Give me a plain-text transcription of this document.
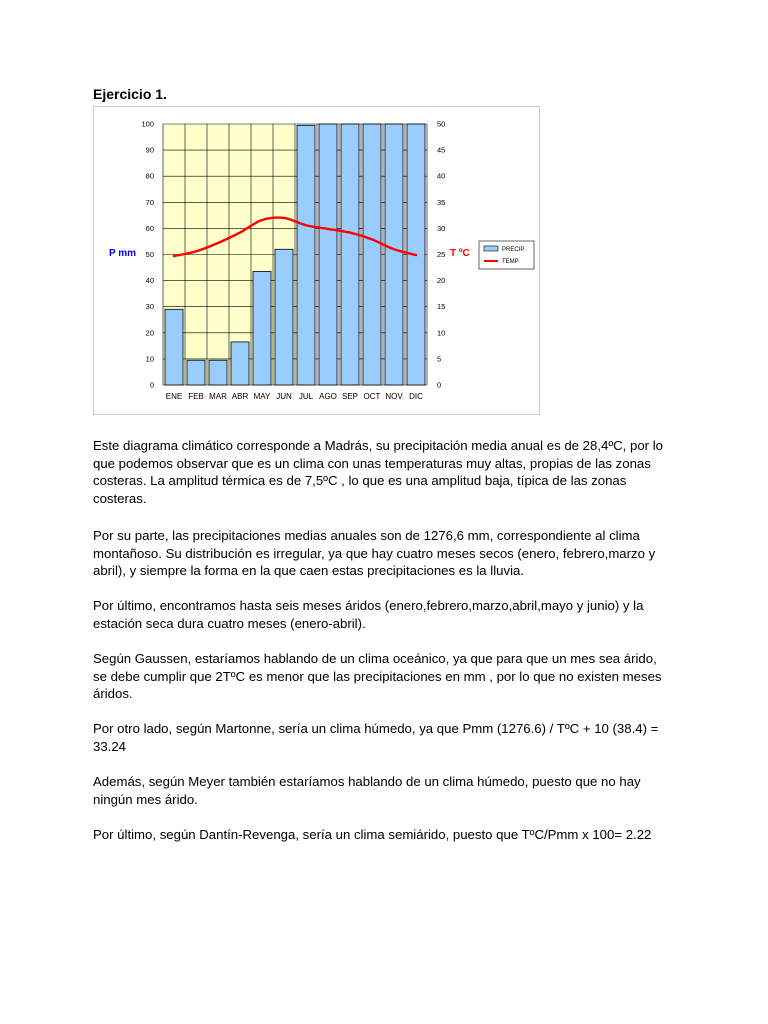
Ejercicio 1.
0
10
20
30
40
50
60
70
80
90
100
0
5
10
15
20
25
30
35
40
45
50
ENE FEB MAR ABR MAY JUN JUL AGO SEP OCT NOV DIC
P mm	T ºC	PRECIP
TEMP

Este diagrama climático corresponde a Madrás, su precipitación media anual es de 28,4ºC, por lo que podemos observar que es un clima con unas temperaturas muy altas, propias de las zonas costeras. La amplitud térmica es de 7,5ºC , lo que es una amplitud baja, típica de las zonas costeras.

Por su parte, las precipitaciones medias anuales son de 1276,6 mm, correspondiente al clima montañoso. Su distribución es irregular, ya que hay cuatro meses secos (enero, febrero,marzo y abril), y siempre la forma en la que caen estas precipitaciones es la lluvia.

Por último, encontramos hasta seis meses áridos (enero,febrero,marzo,abril,mayo y junio) y la estación seca dura cuatro meses (enero-abril).

Según Gaussen, estaríamos hablando de un clima oceánico, ya que para que un mes sea árido, se debe cumplir que 2TºC es menor que las precipitaciones en mm , por lo que no existen meses áridos.

Por otro lado, según Martonne, sería un clima húmedo, ya que Pmm (1276.6) / TºC + 10 (38.4) = 33.24

Además, según Meyer también estaríamos hablando de un clima húmedo, puesto que no hay ningún mes árido.

Por último, según Dantín-Revenga, sería un clima semiárido, puesto que TºC/Pmm x 100= 2.22
